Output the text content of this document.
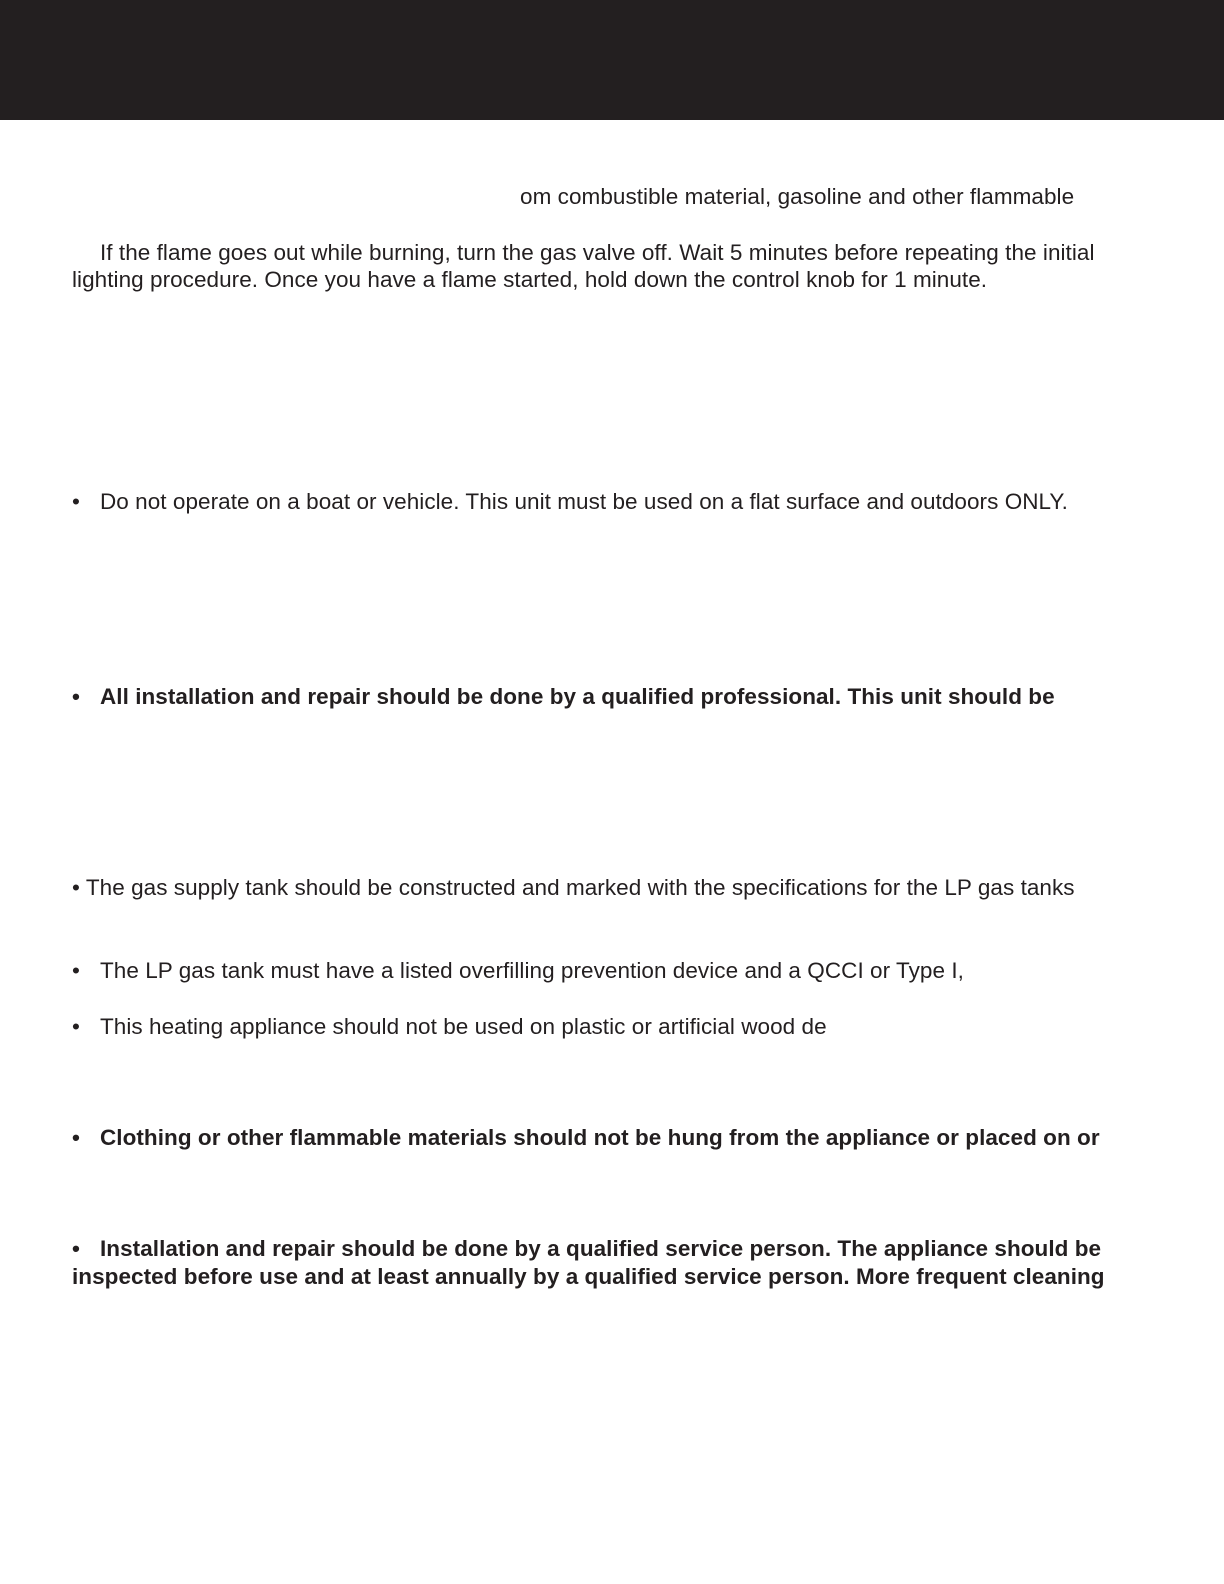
om combustible material, gasoline and other flammable
If the flame goes out while burning, turn the gas valve off. Wait 5 minutes before repeating the initial
lighting procedure. Once you have a flame started, hold down the control knob for 1 minute.
• Do not operate on a boat or vehicle. This unit must be used on a flat surface and outdoors ONLY.
• All installation and repair should be done by a qualified professional. This unit should be
• The gas supply tank should be constructed and marked with the specifications for the LP gas tanks
• The LP gas tank must have a listed overfilling prevention device and a QCCI or Type I,
• This heating appliance should not be used on plastic or artificial wood de
• Clothing or other flammable materials should not be hung from the appliance or placed on or
• Installation and repair should be done by a qualified service person. The appliance should be
inspected before use and at least annually by a qualified service person. More frequent cleaning
